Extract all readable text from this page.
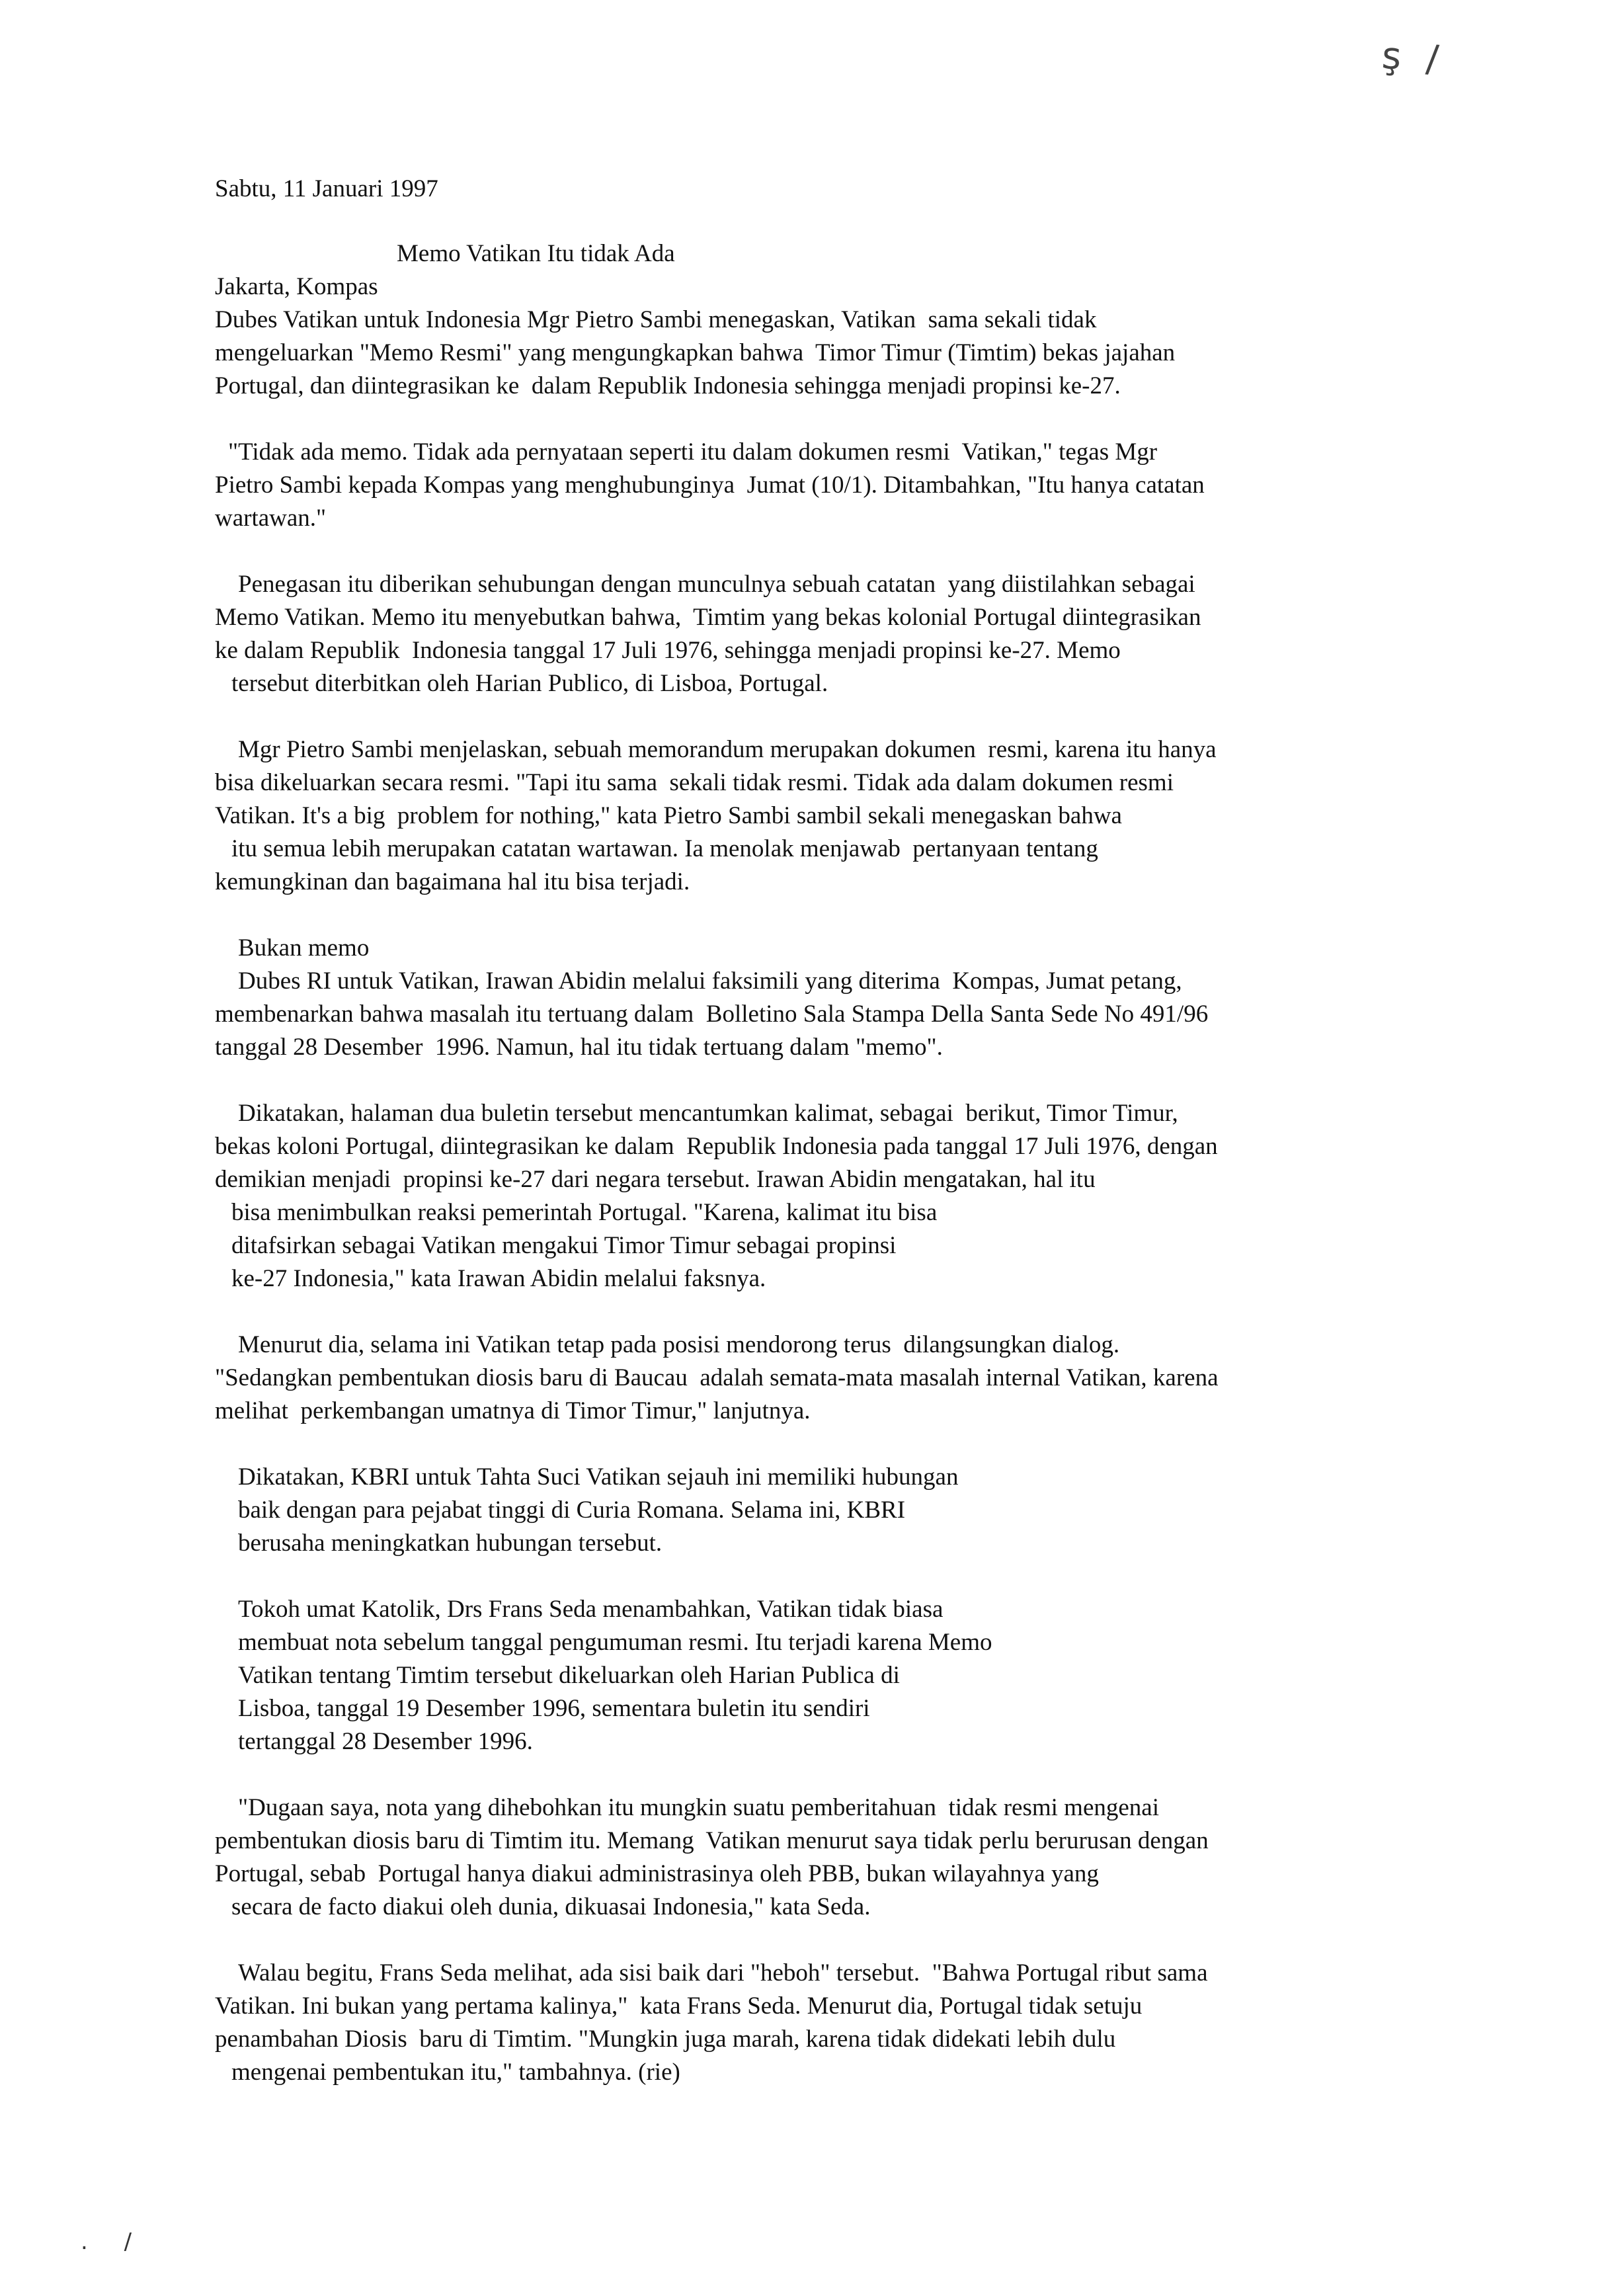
ş /
Sabtu, 11 Januari 1997
Memo Vatikan Itu tidak Ada
Jakarta, Kompas
Dubes Vatikan untuk Indonesia Mgr Pietro Sambi menegaskan, Vatikan  sama sekali tidak
mengeluarkan "Memo Resmi" yang mengungkapkan bahwa  Timor Timur (Timtim) bekas jajahan
Portugal, dan diintegrasikan ke  dalam Republik Indonesia sehingga menjadi propinsi ke-27.
"Tidak ada memo. Tidak ada pernyataan seperti itu dalam dokumen resmi  Vatikan," tegas Mgr
Pietro Sambi kepada Kompas yang menghubunginya  Jumat (10/1). Ditambahkan, "Itu hanya catatan
wartawan."
Penegasan itu diberikan sehubungan dengan munculnya sebuah catatan  yang diistilahkan sebagai
Memo Vatikan. Memo itu menyebutkan bahwa,  Timtim yang bekas kolonial Portugal diintegrasikan
ke dalam Republik  Indonesia tanggal 17 Juli 1976, sehingga menjadi propinsi ke-27. Memo
tersebut diterbitkan oleh Harian Publico, di Lisboa, Portugal.
Mgr Pietro Sambi menjelaskan, sebuah memorandum merupakan dokumen  resmi, karena itu hanya
bisa dikeluarkan secara resmi. "Tapi itu sama  sekali tidak resmi. Tidak ada dalam dokumen resmi
Vatikan. It's a big  problem for nothing," kata Pietro Sambi sambil sekali menegaskan bahwa
itu semua lebih merupakan catatan wartawan. Ia menolak menjawab  pertanyaan tentang
kemungkinan dan bagaimana hal itu bisa terjadi.
Bukan memo
Dubes RI untuk Vatikan, Irawan Abidin melalui faksimili yang diterima  Kompas, Jumat petang,
membenarkan bahwa masalah itu tertuang dalam  Bolletino Sala Stampa Della Santa Sede No 491/96
tanggal 28 Desember  1996. Namun, hal itu tidak tertuang dalam "memo".
Dikatakan, halaman dua buletin tersebut mencantumkan kalimat, sebagai  berikut, Timor Timur,
bekas koloni Portugal, diintegrasikan ke dalam  Republik Indonesia pada tanggal 17 Juli 1976, dengan
demikian menjadi  propinsi ke-27 dari negara tersebut. Irawan Abidin mengatakan, hal itu
bisa menimbulkan reaksi pemerintah Portugal. "Karena, kalimat itu bisa
ditafsirkan sebagai Vatikan mengakui Timor Timur sebagai propinsi
ke-27 Indonesia," kata Irawan Abidin melalui faksnya.
Menurut dia, selama ini Vatikan tetap pada posisi mendorong terus  dilangsungkan dialog.
"Sedangkan pembentukan diosis baru di Baucau  adalah semata-mata masalah internal Vatikan, karena
melihat  perkembangan umatnya di Timor Timur," lanjutnya.
Dikatakan, KBRI untuk Tahta Suci Vatikan sejauh ini memiliki hubungan
baik dengan para pejabat tinggi di Curia Romana. Selama ini, KBRI
berusaha meningkatkan hubungan tersebut.
Tokoh umat Katolik, Drs Frans Seda menambahkan, Vatikan tidak biasa
membuat nota sebelum tanggal pengumuman resmi. Itu terjadi karena Memo
Vatikan tentang Timtim tersebut dikeluarkan oleh Harian Publica di
Lisboa, tanggal 19 Desember 1996, sementara buletin itu sendiri
tertanggal 28 Desember 1996.
"Dugaan saya, nota yang dihebohkan itu mungkin suatu pemberitahuan  tidak resmi mengenai
pembentukan diosis baru di Timtim itu. Memang  Vatikan menurut saya tidak perlu berurusan dengan
Portugal, sebab  Portugal hanya diakui administrasinya oleh PBB, bukan wilayahnya yang
secara de facto diakui oleh dunia, dikuasai Indonesia," kata Seda.
Walau begitu, Frans Seda melihat, ada sisi baik dari "heboh" tersebut.  "Bahwa Portugal ribut sama
Vatikan. Ini bukan yang pertama kalinya,"  kata Frans Seda. Menurut dia, Portugal tidak setuju
penambahan Diosis  baru di Timtim. "Mungkin juga marah, karena tidak didekati lebih dulu
mengenai pembentukan itu," tambahnya. (rie)
. /
